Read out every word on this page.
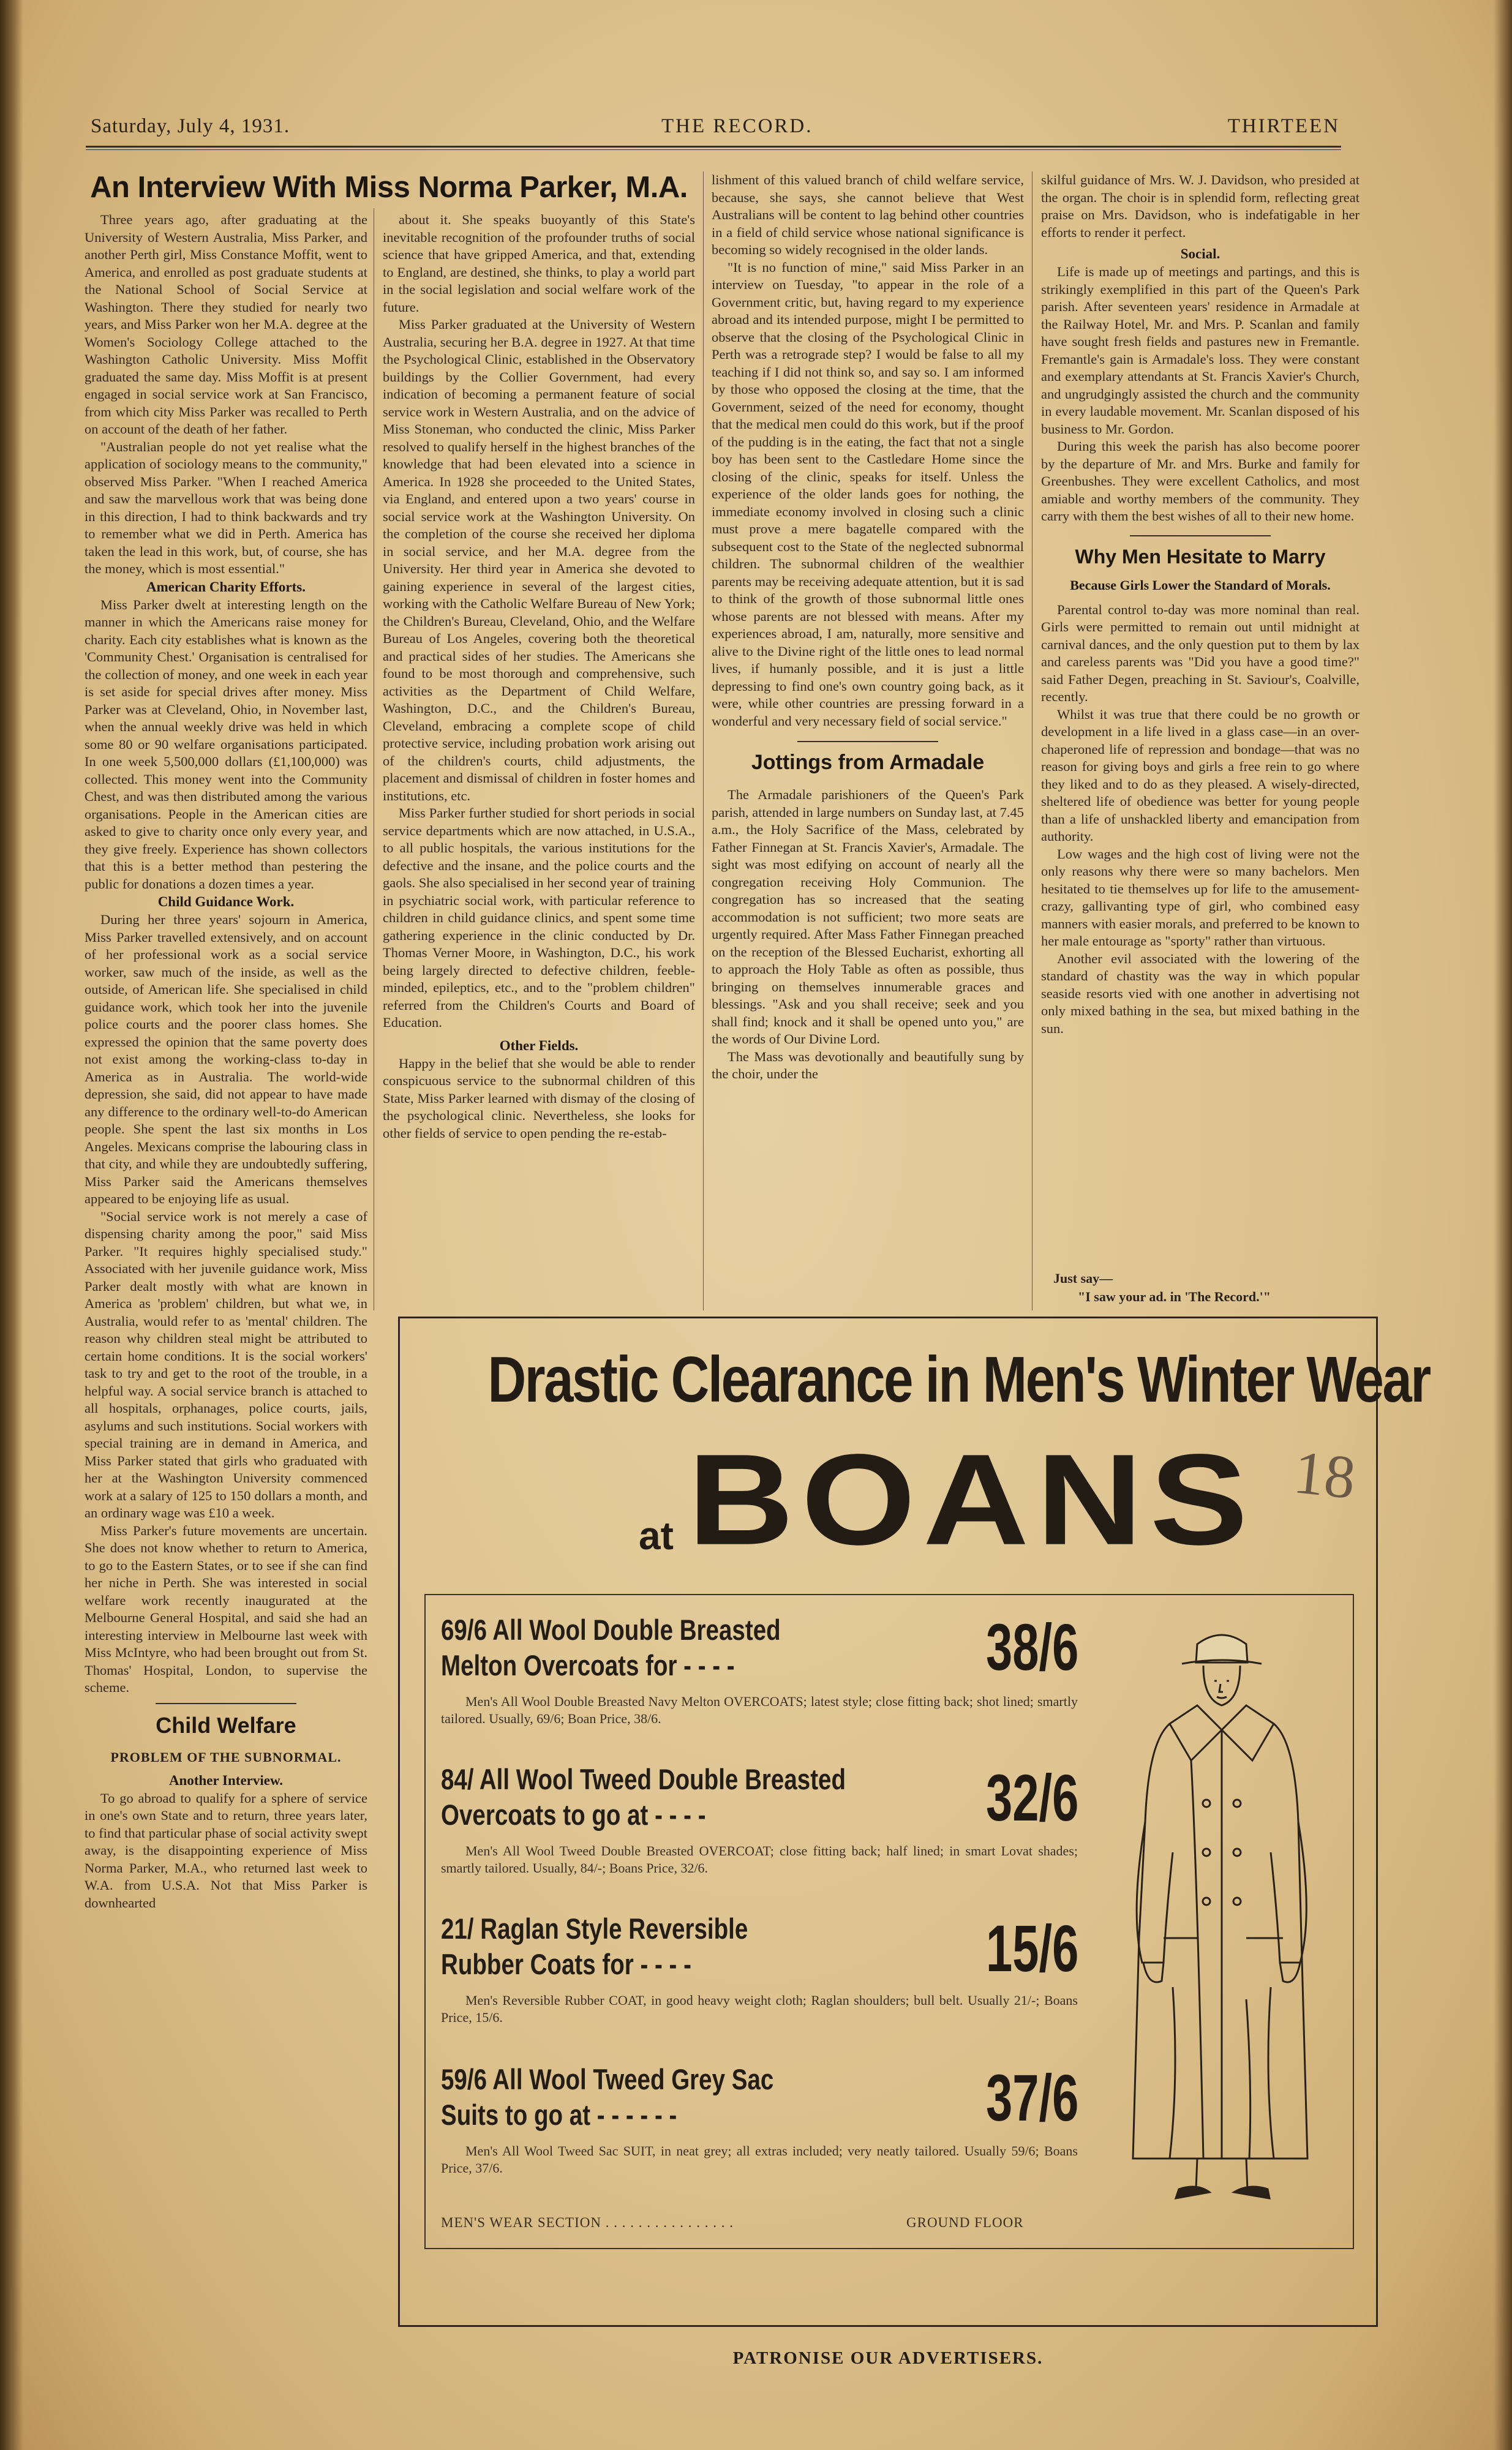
Saturday, July 4, 1931.	THE RECORD.	THIRTEEN
An Interview With Miss Norma Parker, M.A.

Three years ago, after graduating at the University of Western Australia, Miss Parker, and another Perth girl, Miss Constance Moffit, went to America, and enrolled as post graduate students at the National School of Social Service at Washington. There they studied for nearly two years, and Miss Parker won her M.A. degree at the Women's Sociology College attached to the Washington Catholic University. Miss Moffit graduated the same day. Miss Moffit is at present engaged in social service work at San Francisco, from which city Miss Parker was recalled to Perth on account of the death of her father.

"Australian people do not yet realise what the application of sociology means to the community," observed Miss Parker. "When I reached America and saw the marvellous work that was being done in this direction, I had to think backwards and try to remember what we did in Perth. America has taken the lead in this work, but, of course, she has the money, which is most essential."

American Charity Efforts.

Miss Parker dwelt at interesting length on the manner in which the Americans raise money for charity. Each city establishes what is known as the 'Community Chest.' Organisation is centralised for the collection of money, and one week in each year is set aside for special drives after money. Miss Parker was at Cleveland, Ohio, in November last, when the annual weekly drive was held in which some 80 or 90 welfare organisations participated. In one week 5,500,000 dollars (£1,100,000) was collected. This money went into the Community Chest, and was then distributed among the various organisations. People in the American cities are asked to give to charity once only every year, and they give freely. Experience has shown collectors that this is a better method than pestering the public for donations a dozen times a year.

Child Guidance Work.

During her three years' sojourn in America, Miss Parker travelled extensively, and on account of her professional work as a social service worker, saw much of the inside, as well as the outside, of American life. She specialised in child guidance work, which took her into the juvenile police courts and the poorer class homes. She expressed the opinion that the same poverty does not exist among the working-class to-day in America as in Australia. The world-wide depression, she said, did not appear to have made any difference to the ordinary well-to-do American people. She spent the last six months in Los Angeles. Mexicans comprise the labouring class in that city, and while they are undoubtedly suffering, Miss Parker said the Americans themselves appeared to be enjoying life as usual.

"Social service work is not merely a case of dispensing charity among the poor," said Miss Parker. "It requires highly specialised study." Associated with her juvenile guidance work, Miss Parker dealt mostly with what are known in America as 'problem' children, but what we, in Australia, would refer to as 'mental' children. The reason why children steal might be attributed to certain home conditions. It is the social workers' task to try and get to the root of the trouble, in a helpful way. A social service branch is attached to all hospitals, orphanages, police courts, jails, asylums and such institutions. Social workers with special training are in demand in America, and Miss Parker stated that girls who graduated with her at the Washington University commenced work at a salary of 125 to 150 dollars a month, and an ordinary wage was £10 a week.

Miss Parker's future movements are uncertain. She does not know whether to return to America, to go to the Eastern States, or to see if she can find her niche in Perth. She was interested in social welfare work recently inaugurated at the Melbourne General Hospital, and said she had an interesting interview in Melbourne last week with Miss McIntyre, who had been brought out from St. Thomas' Hospital, London, to supervise the scheme.

Child Welfare
PROBLEM OF THE SUBNORMAL.
Another Interview.

To go abroad to qualify for a sphere of service in one's own State and to return, three years later, to find that particular phase of social activity swept away, is the disappointing experience of Miss Norma Parker, M.A., who returned last week to W.A. from U.S.A. Not that Miss Parker is downhearted

about it. She speaks buoyantly of this State's inevitable recognition of the profounder truths of social science that have gripped America, and that, extending to England, are destined, she thinks, to play a world part in the social legislation and social welfare work of the future.

Miss Parker graduated at the University of Western Australia, securing her B.A. degree in 1927. At that time the Psychological Clinic, established in the Observatory buildings by the Collier Government, had every indication of becoming a permanent feature of social service work in Western Australia, and on the advice of Miss Stoneman, who conducted the clinic, Miss Parker resolved to qualify herself in the highest branches of the knowledge that had been elevated into a science in America. In 1928 she proceeded to the United States, via England, and entered upon a two years' course in social service work at the Washington University. On the completion of the course she received her diploma in social service, and her M.A. degree from the University. Her third year in America she devoted to gaining experience in several of the largest cities, working with the Catholic Welfare Bureau of New York; the Children's Bureau, Cleveland, Ohio, and the Welfare Bureau of Los Angeles, covering both the theoretical and practical sides of her studies. The Americans she found to be most thorough and comprehensive, such activities as the Department of Child Welfare, Washington, D.C., and the Children's Bureau, Cleveland, embracing a complete scope of child protective service, including probation work arising out of the children's courts, child adjustments, the placement and dismissal of children in foster homes and institutions, etc.

Miss Parker further studied for short periods in social service departments which are now attached, in U.S.A., to all public hospitals, the various institutions for the defective and the insane, and the police courts and the gaols. She also specialised in her second year of training in psychiatric social work, with particular reference to children in child guidance clinics, and spent some time gathering experience in the clinic conducted by Dr. Thomas Verner Moore, in Washington, D.C., his work being largely directed to defective children, feeble-minded, epileptics, etc., and to the "problem children" referred from the Children's Courts and Board of Education.

Other Fields.

Happy in the belief that she would be able to render conspicuous service to the subnormal children of this State, Miss Parker learned with dismay of the closing of the psychological clinic. Nevertheless, she looks for other fields of service to open pending the re-estab-

lishment of this valued branch of child welfare service, because, she says, she cannot believe that West Australians will be content to lag behind other countries in a field of child service whose national significance is becoming so widely recognised in the older lands.

"It is no function of mine," said Miss Parker in an interview on Tuesday, "to appear in the role of a Government critic, but, having regard to my experience abroad and its intended purpose, might I be permitted to observe that the closing of the Psychological Clinic in Perth was a retrograde step? I would be false to all my teaching if I did not think so, and say so. I am informed by those who opposed the closing at the time, that the Government, seized of the need for economy, thought that the medical men could do this work, but if the proof of the pudding is in the eating, the fact that not a single boy has been sent to the Castledare Home since the closing of the clinic, speaks for itself. Unless the experience of the older lands goes for nothing, the immediate economy involved in closing such a clinic must prove a mere bagatelle compared with the subsequent cost to the State of the neglected subnormal children. The subnormal children of the wealthier parents may be receiving adequate attention, but it is sad to think of the growth of those subnormal little ones whose parents are not blessed with means. After my experiences abroad, I am, naturally, more sensitive and alive to the Divine right of the little ones to lead normal lives, if humanly possible, and it is just a little depressing to find one's own country going back, as it were, while other countries are pressing forward in a wonderful and very necessary field of social service."

Jottings from Armadale

The Armadale parishioners of the Queen's Park parish, attended in large numbers on Sunday last, at 7.45 a.m., the Holy Sacrifice of the Mass, celebrated by Father Finnegan at St. Francis Xavier's, Armadale. The sight was most edifying on account of nearly all the congregation receiving Holy Communion. The congregation has so increased that the seating accommodation is not sufficient; two more seats are urgently required. After Mass Father Finnegan preached on the reception of the Blessed Eucharist, exhorting all to approach the Holy Table as often as possible, thus bringing on themselves innumerable graces and blessings. "Ask and you shall receive; seek and you shall find; knock and it shall be opened unto you," are the words of Our Divine Lord.

The Mass was devotionally and beautifully sung by the choir, under the

skilful guidance of Mrs. W. J. Davidson, who presided at the organ. The choir is in splendid form, reflecting great praise on Mrs. Davidson, who is indefatigable in her efforts to render it perfect.

Social.

Life is made up of meetings and partings, and this is strikingly exemplified in this part of the Queen's Park parish. After seventeen years' residence in Armadale at the Railway Hotel, Mr. and Mrs. P. Scanlan and family have sought fresh fields and pastures new in Fremantle. Fremantle's gain is Armadale's loss. They were constant and exemplary attendants at St. Francis Xavier's Church, and ungrudgingly assisted the church and the community in every laudable movement. Mr. Scanlan disposed of his business to Mr. Gordon.

During this week the parish has also become poorer by the departure of Mr. and Mrs. Burke and family for Greenbushes. They were excellent Catholics, and most amiable and worthy members of the community. They carry with them the best wishes of all to their new home.

Why Men Hesitate to Marry
Because Girls Lower the Standard of Morals.

Parental control to-day was more nominal than real. Girls were permitted to remain out until midnight at carnival dances, and the only question put to them by lax and careless parents was "Did you have a good time?" said Father Degen, preaching in St. Saviour's, Coalville, recently.

Whilst it was true that there could be no growth or development in a life lived in a glass case—in an over-chaperoned life of repression and bondage—that was no reason for giving boys and girls a free rein to go where they liked and to do as they pleased. A wisely-directed, sheltered life of obedience was better for young people than a life of unshackled liberty and emancipation from authority.

Low wages and the high cost of living were not the only reasons why there were so many bachelors. Men hesitated to tie themselves up for life to the amusement-crazy, gallivanting type of girl, who combined easy manners with easier morals, and preferred to be known to her male entourage as "sporty" rather than virtuous.

Another evil associated with the lowering of the standard of chastity was the way in which popular seaside resorts vied with one another in advertising not only mixed bathing in the sea, but mixed bathing in the sun.

Just say—
"I saw your ad. in 'The Record.'"
Drastic Clearance in Men's Winter Wear
at BOANS 18
69/6 All Wool Double Breasted
Melton Overcoats for - - - -
Men's All Wool Double Breasted Navy Melton OVERCOATS; latest style; close fitting back; shot lined; smartly tailored. Usually, 69/6; Boan Price, 38/6.
38/6
84/ All Wool Tweed Double Breasted
Overcoats to go at - - - -
Men's All Wool Tweed Double Breasted OVERCOAT; close fitting back; half lined; in smart Lovat shades; smartly tailored. Usually, 84/-; Boans Price, 32/6.
32/6
21/ Raglan Style Reversible
Rubber Coats for - - - -
Men's Reversible Rubber COAT, in good heavy weight cloth; Raglan shoulders; bull belt. Usually 21/-; Boans Price, 15/6.
15/6
59/6 All Wool Tweed Grey Sac
Suits to go at - - - - - -
Men's All Wool Tweed Sac SUIT, in neat grey; all extras included; very neatly tailored. Usually 59/6; Boans Price, 37/6.
37/6
MEN'S WEAR SECTION . . . . . . . . . . . . . . . .	GROUND FLOOR
PATRONISE OUR ADVERTISERS.
